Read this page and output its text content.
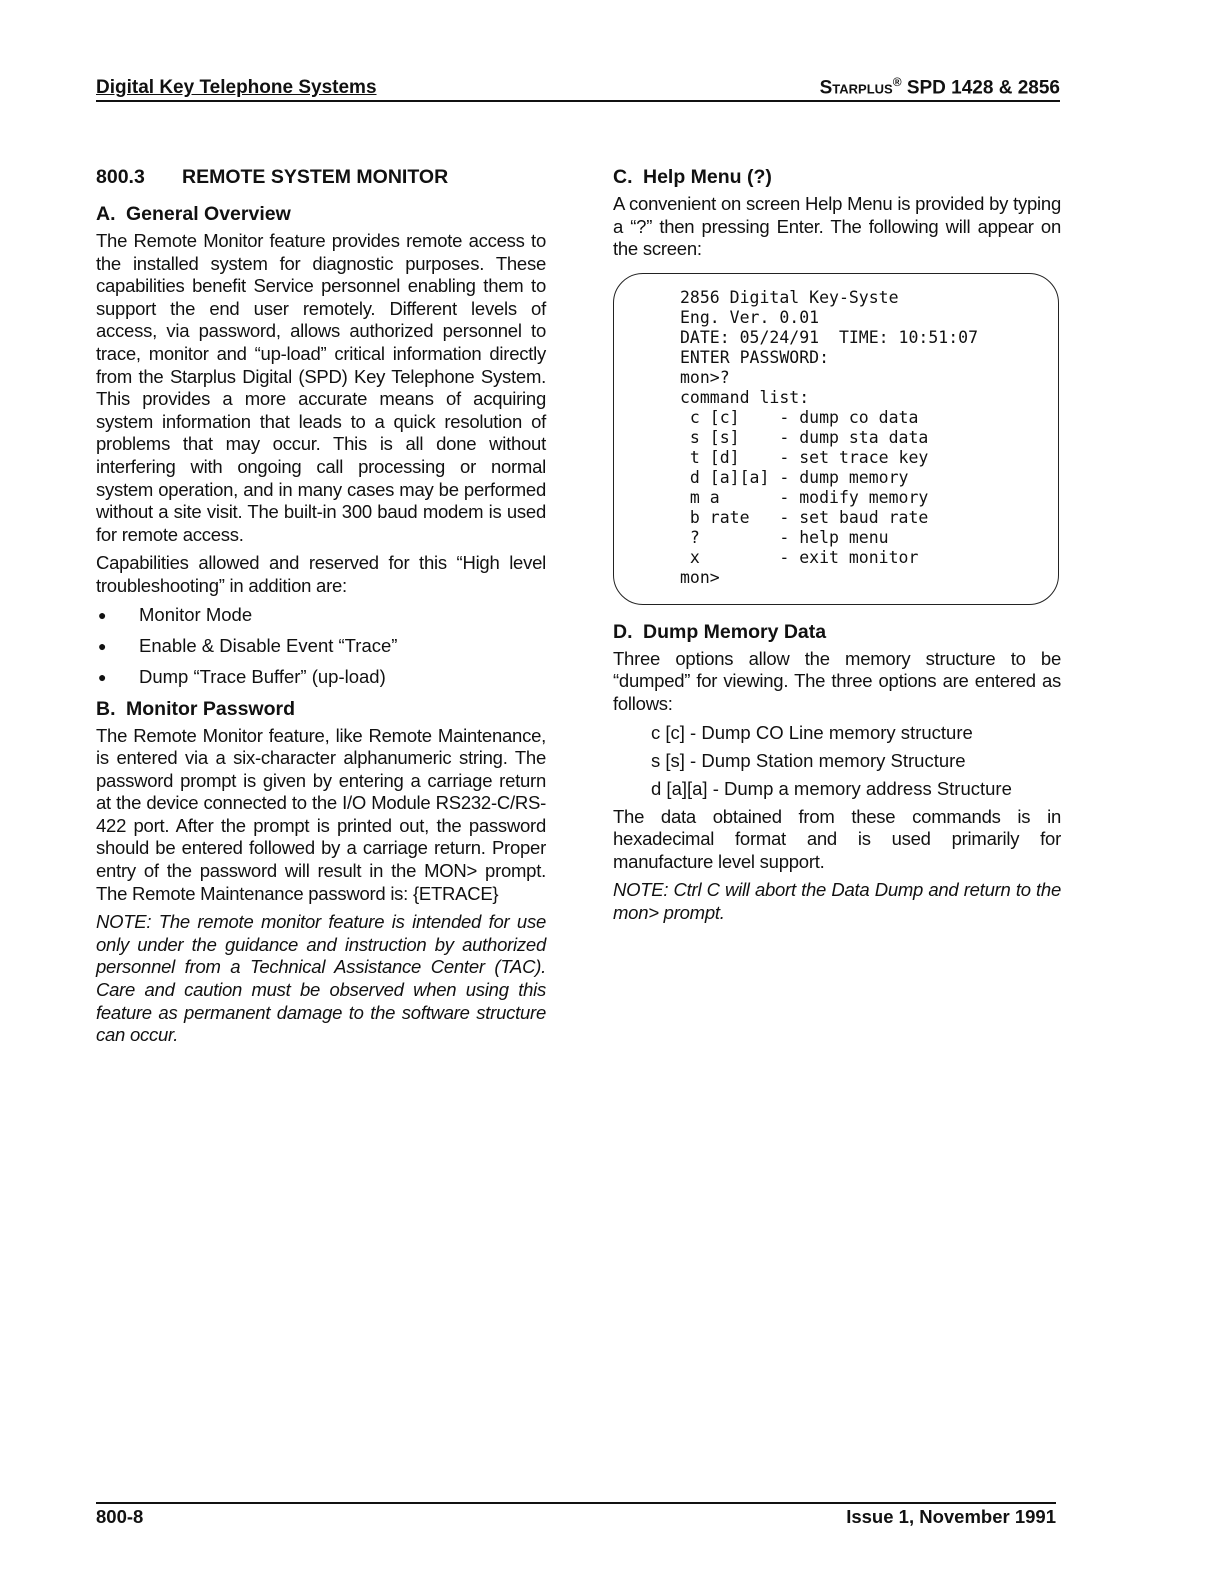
Digital Key Telephone Systems	Starplus® SPD 1428 & 2856
800.3 REMOTE SYSTEM MONITOR
A. General Overview

The Remote Monitor feature provides remote access to the installed system for diagnostic purposes. These capabilities benefit Service personnel enabling them to support the end user remotely. Different levels of access, via password, allows authorized personnel to trace, monitor and “up-load” critical information directly from the Starplus Digital (SPD) Key Telephone System. This provides a more accurate means of acquiring system information that leads to a quick resolution of problems that may occur. This is all done without interfering with ongoing call processing or normal system operation, and in many cases may be performed without a site visit. The built-in 300 baud modem is used for remote access.

Capabilities allowed and reserved for this “High level troubleshooting” in addition are:

● Monitor Mode
● Enable & Disable Event “Trace”
● Dump “Trace Buffer” (up-load)
B. Monitor Password

The Remote Monitor feature, like Remote Maintenance, is entered via a six-character alphanumeric string. The password prompt is given by entering a carriage return at the device connected to the I/O Module RS232-C/RS-422 port. After the prompt is printed out, the password should be entered followed by a carriage return. Proper entry of the password will result in the MON> prompt. The Remote Maintenance password is: {ETRACE}

NOTE: The remote monitor feature is intended for use only under the guidance and instruction by authorized personnel from a Technical Assistance Center (TAC). Care and caution must be observed when using this feature as permanent damage to the software structure can occur.

C. Help Menu (?)

A convenient on screen Help Menu is provided by typing a “?” then pressing Enter. The following will appear on the screen:

2856 Digital Key-Syste
Eng. Ver. 0.01
DATE: 05/24/91  TIME: 10:51:07
ENTER PASSWORD:
mon>?
command list:
c [c]    - dump co data
s [s]    - dump sta data
t [d]    - set trace key
d [a][a] - dump memory
m a      - modify memory
b rate   - set baud rate
?        - help menu
x        - exit monitor
mon>
D. Dump Memory Data

Three options allow the memory structure to be “dumped” for viewing. The three options are entered as follows:

c [c] - Dump CO Line memory structure
s [s] - Dump Station memory Structure
d [a][a] - Dump a memory address Structure

The data obtained from these commands is in hexadecimal format and is used primarily for manufacture level support.

NOTE: Ctrl C will abort the Data Dump and return to the mon> prompt.

800-8	Issue 1, November 1991
